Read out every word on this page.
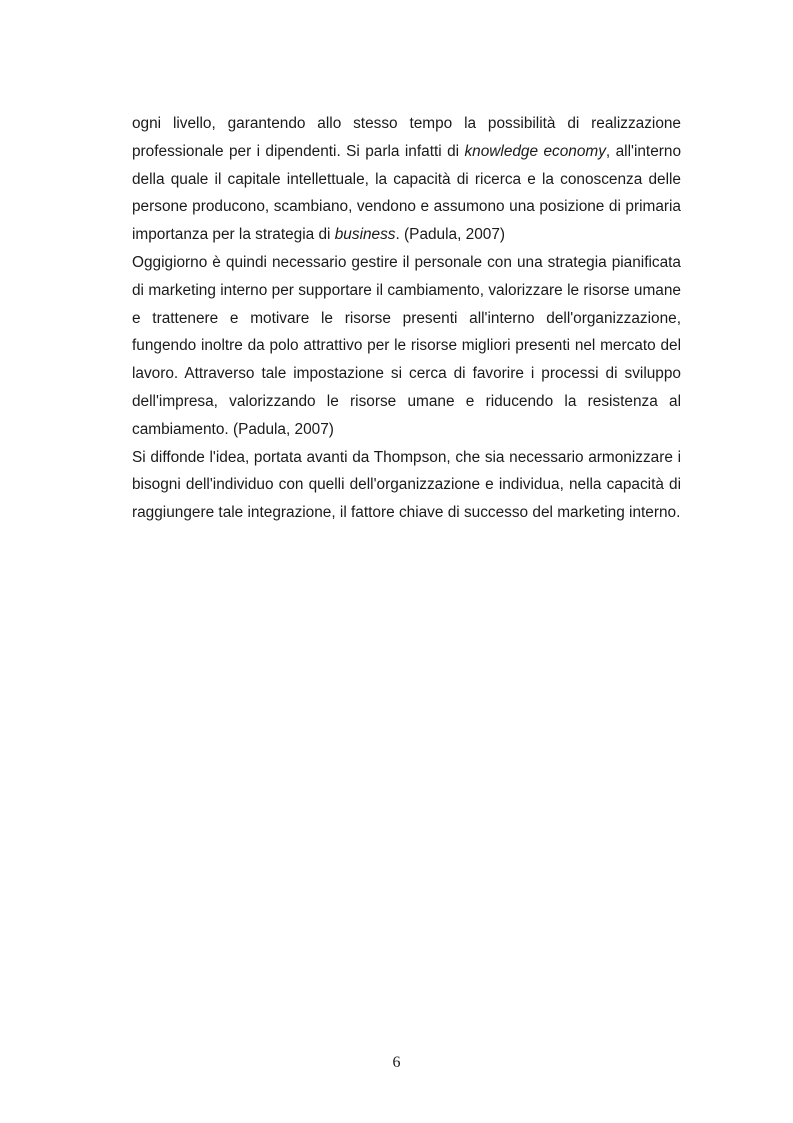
ogni livello, garantendo allo stesso tempo la possibilità di realizzazione professionale per i dipendenti. Si parla infatti di knowledge economy, all'interno della quale il capitale intellettuale, la capacità di ricerca e la conoscenza delle persone producono, scambiano, vendono e assumono una posizione di primaria importanza per la strategia di business. (Padula, 2007)

Oggigiorno è quindi necessario gestire il personale con una strategia pianificata di marketing interno per supportare il cambiamento, valorizzare le risorse umane e trattenere e motivare le risorse presenti all'interno dell'organizzazione, fungendo inoltre da polo attrattivo per le risorse migliori presenti nel mercato del lavoro. Attraverso tale impostazione si cerca di favorire i processi di sviluppo dell'impresa, valorizzando le risorse umane e riducendo la resistenza al cambiamento. (Padula, 2007)

Si diffonde l'idea, portata avanti da Thompson, che sia necessario armonizzare i bisogni dell'individuo con quelli dell'organizzazione e individua, nella capacità di raggiungere tale integrazione, il fattore chiave di successo del marketing interno.

6
